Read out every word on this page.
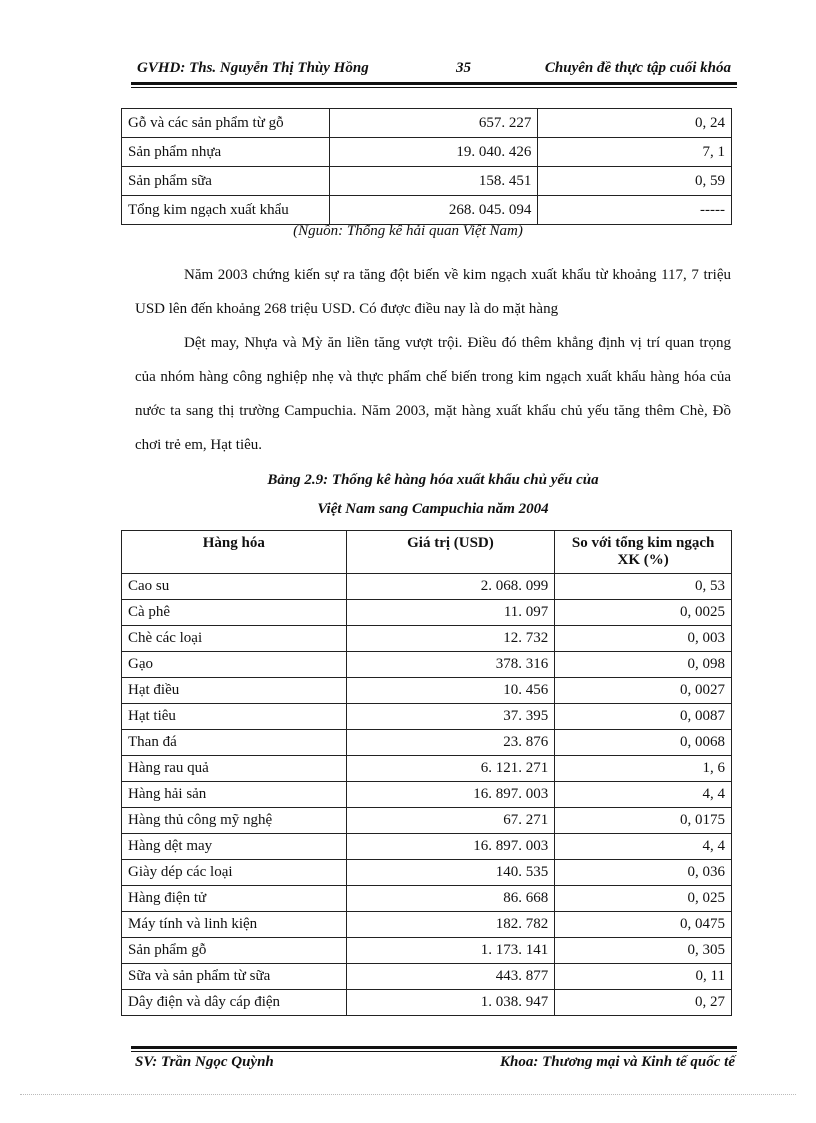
GVHD: Ths. Nguyễn Thị Thùy Hồng	35	Chuyên đề thực tập cuối khóa
Gỗ và các sản phẩm từ gỗ	657. 227	0, 24
Sản phẩm nhựa	19. 040. 426	7, 1
Sản phẩm sữa	158. 451	0, 59
Tổng kim ngạch xuất khẩu	268. 045. 094	-----
(Nguồn: Thống kê hải quan Việt Nam)

Năm 2003 chứng kiến sự ra tăng đột biến về kim ngạch xuất khẩu từ khoảng 117, 7 triệu USD lên đến khoảng 268 triệu USD. Có được điều nay là do mặt hàng

Dệt may, Nhựa và Mỳ ăn liền tăng vượt trội. Điều đó thêm khẳng định vị trí quan trọng của nhóm hàng công nghiệp nhẹ và thực phẩm chế biến trong kim ngạch xuất khẩu hàng hóa của nước ta sang thị trường Campuchia. Năm 2003, mặt hàng xuất khẩu chủ yếu tăng thêm Chè, Đồ chơi trẻ em, Hạt tiêu.

Bảng 2.9: Thống kê hàng hóa xuất khẩu chủ yếu của
Việt Nam sang Campuchia năm 2004
Hàng hóa	Giá trị (USD)	So với tổng kim ngạch XK (%)
Cao su	2. 068. 099	0, 53
Cà phê	11. 097	0, 0025
Chè các loại	12. 732	0, 003
Gạo	378. 316	0, 098
Hạt điều	10. 456	0, 0027
Hạt tiêu	37. 395	0, 0087
Than đá	23. 876	0, 0068
Hàng rau quả	6. 121. 271	1, 6
Hàng hải sản	16. 897. 003	4, 4
Hàng thủ công mỹ nghệ	67. 271	0, 0175
Hàng dệt may	16. 897. 003	4, 4
Giày dép các loại	140. 535	0, 036
Hàng điện tử	86. 668	0, 025
Máy tính và linh kiện	182. 782	0, 0475
Sản phẩm gỗ	1. 173. 141	0, 305
Sữa và sản phẩm từ sữa	443. 877	0, 11
Dây điện và dây cáp điện	1. 038. 947	0, 27
SV: Trần Ngọc Quỳnh	Khoa: Thương mại và Kinh tế quốc tế
